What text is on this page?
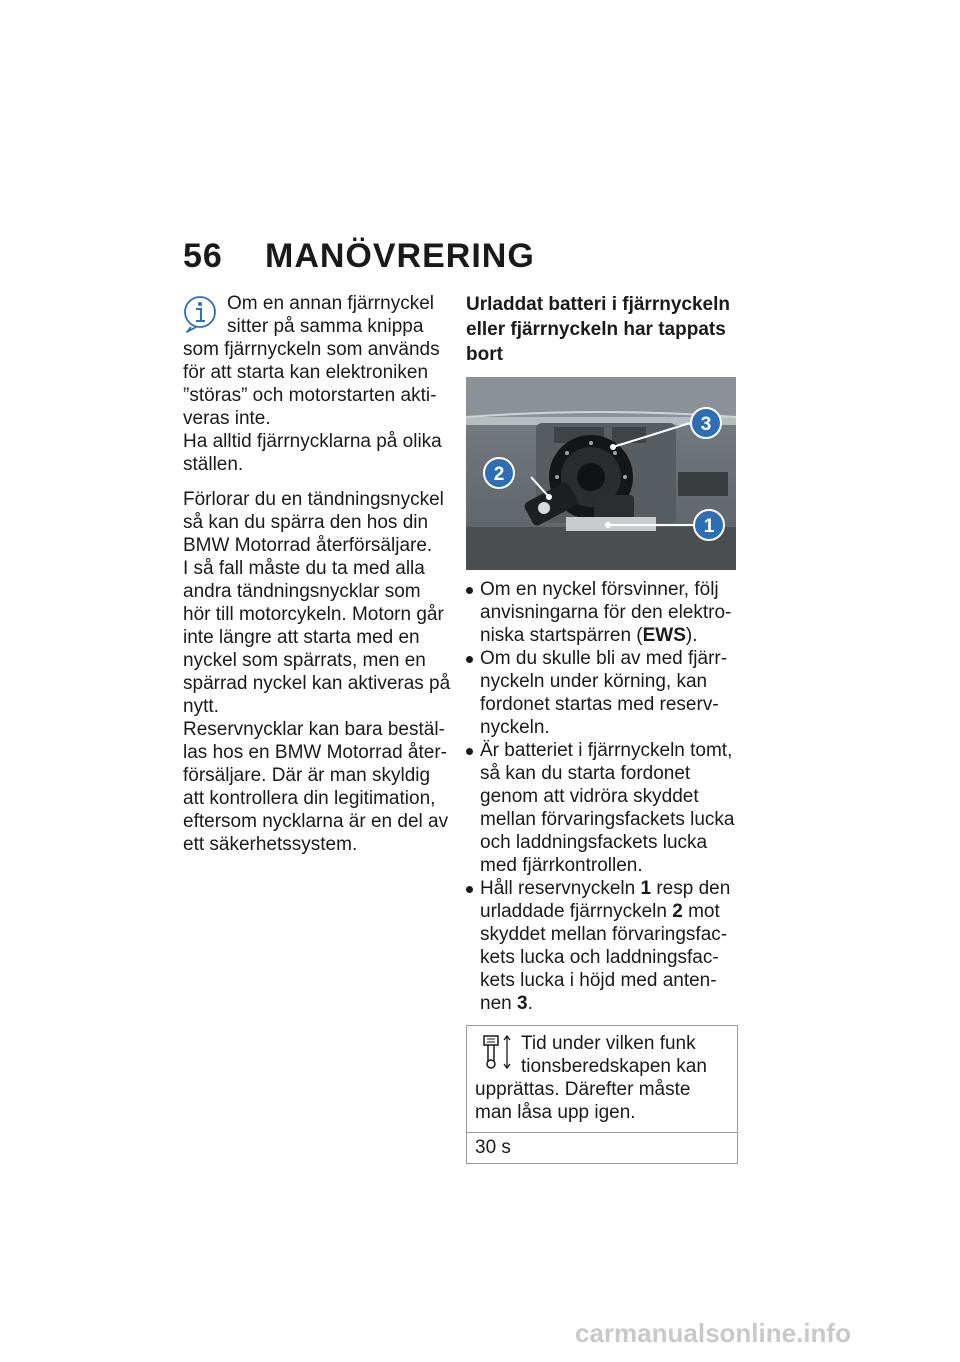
56	MANÖVRERING
Om en annan fjärrnyckel
sitter på samma knippa
som fjärrnyckeln som används för att starta kan elektroniken ”störas” och motorstarten aktiveras inte.
Ha alltid fjärrnycklarna på olika ställen.

Förlorar du en tändningsnyckel så kan du spärra den hos din BMW Motorrad återförsäljare.

I så fall måste du ta med alla andra tändningsnycklar som hör till motorcykeln. Motorn går inte längre att starta med en nyckel som spärrats, men en spärrad nyckel kan aktiveras på nytt.

Reservnycklar kan bara beställas hos en BMW Motorrad återförsäljare. Där är man skyldig att kontrollera din legitimation, eftersom nycklarna är en del av ett säkerhetssystem.

Urladdat batteri i fjärrnyckeln eller fjärrnyckeln har tappats bort
2
3
1
Om en nyckel försvinner, följ anvisningarna för den elektroniska startspärren (EWS).
Om du skulle bli av med fjärrnyckeln under körning, kan fordonet startas med reservnyckeln.
Är batteriet i fjärrnyckeln tomt, så kan du starta fordonet genom att vidröra skyddet mellan förvaringsfackets lucka och laddningsfackets lucka med fjärrkontrollen.
Håll reservnyckeln 1 resp den urladdade fjärrnyckeln 2 mot skyddet mellan förvaringsfackets lucka och laddningsfackets lucka i höjd med antennen 3.
Tid under vilken funk
tionsberedskapen kan
upprättas. Därefter måste man låsa upp igen.
30 s
carmanualsonline.info
